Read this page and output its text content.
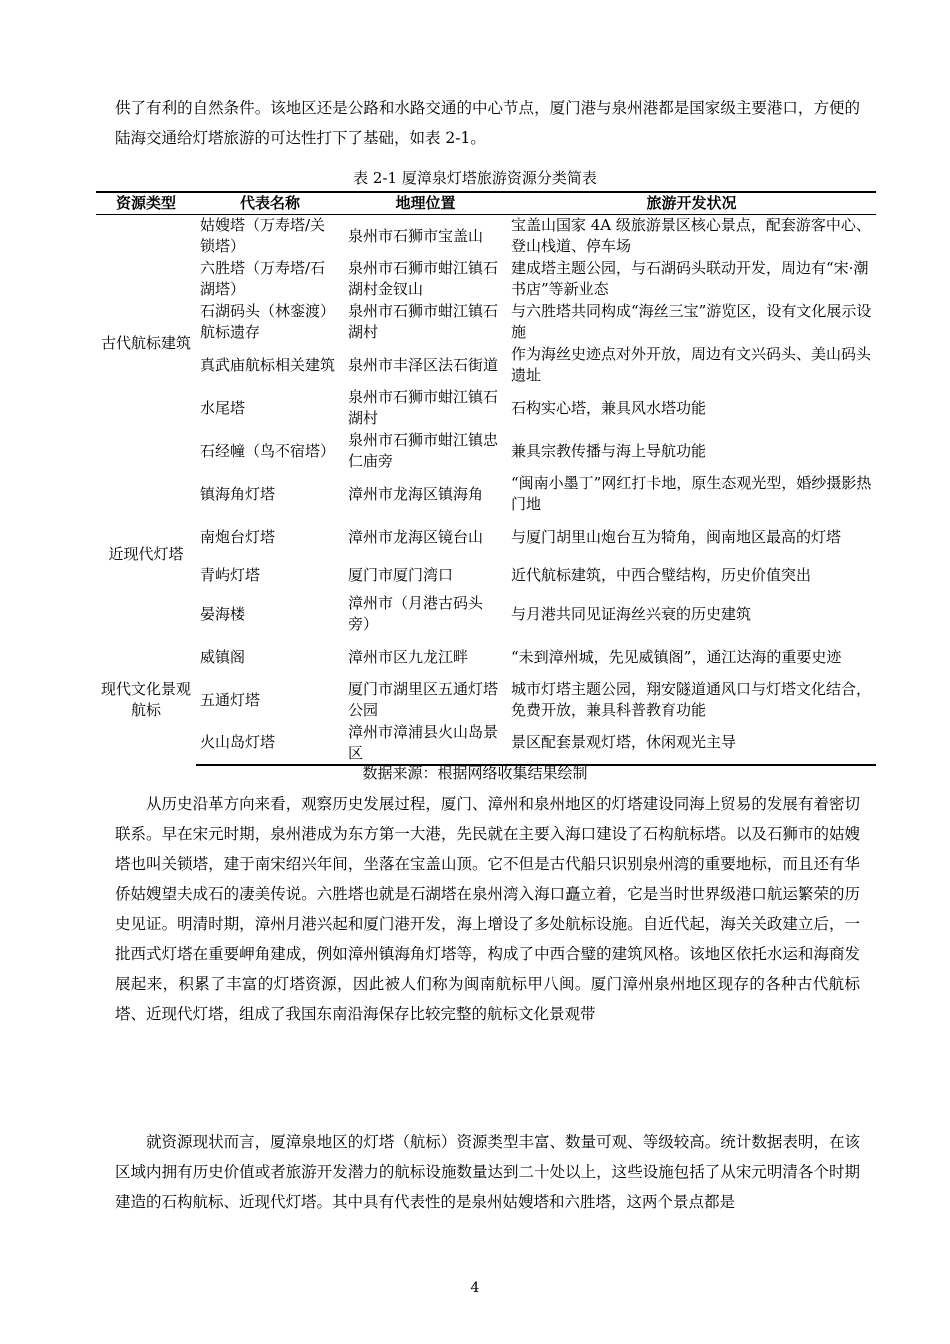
供了有利的自然条件。该地区还是公路和水路交通的中心节点，厦门港与泉州港都是国家级主要港口，方便的陆海交通给灯塔旅游的可达性打下了基础，如表 2-1。

表 2-1 厦漳泉灯塔旅游资源分类简表
资源类型	代表名称	地理位置	旅游开发状况
古代航标建筑	姑嫂塔（万寿塔/关锁塔）	泉州市石狮市宝盖山	宝盖山国家 4A 级旅游景区核心景点，配套游客中心、登山栈道、停车场
	六胜塔（万寿塔/石湖塔）	泉州市石狮市蚶江镇石湖村金钗山	建成塔主题公园，与石湖码头联动开发，周边有“宋·潮书店”等新业态
	石湖码头（林銮渡）航标遗存	泉州市石狮市蚶江镇石湖村	与六胜塔共同构成“海丝三宝”游览区，设有文化展示设施
	真武庙航标相关建筑	泉州市丰泽区法石街道	作为海丝史迹点对外开放，周边有文兴码头、美山码头遗址
	水尾塔	泉州市石狮市蚶江镇石湖村	石构实心塔，兼具风水塔功能
	石经幢（鸟不宿塔）	泉州市石狮市蚶江镇忠仁庙旁	兼具宗教传播与海上导航功能
近现代灯塔	镇海角灯塔	漳州市龙海区镇海角	“闽南小墨丁”网红打卡地，原生态观光型，婚纱摄影热门地
	南炮台灯塔	漳州市龙海区镜台山	与厦门胡里山炮台互为犄角，闽南地区最高的灯塔
	青屿灯塔	厦门市厦门湾口	近代航标建筑，中西合璧结构，历史价值突出
	晏海楼	漳州市（月港古码头旁）	与月港共同见证海丝兴衰的历史建筑
现代文化景观航标	威镇阁	漳州市区九龙江畔	“未到漳州城，先见威镇阁”，通江达海的重要史迹
	五通灯塔	厦门市湖里区五通灯塔公园	城市灯塔主题公园，翔安隧道通风口与灯塔文化结合，免费开放，兼具科普教育功能
	火山岛灯塔	漳州市漳浦县火山岛景区	景区配套景观灯塔，休闲观光主导
数据来源：根据网络收集结果绘制

从历史沿革方向来看，观察历史发展过程，厦门、漳州和泉州地区的灯塔建设同海上贸易的发展有着密切联系。早在宋元时期，泉州港成为东方第一大港，先民就在主要入海口建设了石构航标塔。以及石狮市的姑嫂塔也叫关锁塔，建于南宋绍兴年间，坐落在宝盖山顶。它不但是古代船只识别泉州湾的重要地标，而且还有华侨姑嫂望夫成石的凄美传说。六胜塔也就是石湖塔在泉州湾入海口矗立着，它是当时世界级港口航运繁荣的历史见证。明清时期，漳州月港兴起和厦门港开发，海上增设了多处航标设施。自近代起，海关关政建立后，一批西式灯塔在重要岬角建成，例如漳州镇海角灯塔等，构成了中西合璧的建筑风格。该地区依托水运和海商发展起来，积累了丰富的灯塔资源，因此被人们称为闽南航标甲八闽。厦门漳州泉州地区现存的各种古代航标塔、近现代灯塔，组成了我国东南沿海保存比较完整的航标文化景观带

就资源现状而言，厦漳泉地区的灯塔（航标）资源类型丰富、数量可观、等级较高。统计数据表明，在该区域内拥有历史价值或者旅游开发潜力的航标设施数量达到二十处以上，这些设施包括了从宋元明清各个时期建造的石构航标、近现代灯塔。其中具有代表性的是泉州姑嫂塔和六胜塔，这两个景点都是

4
